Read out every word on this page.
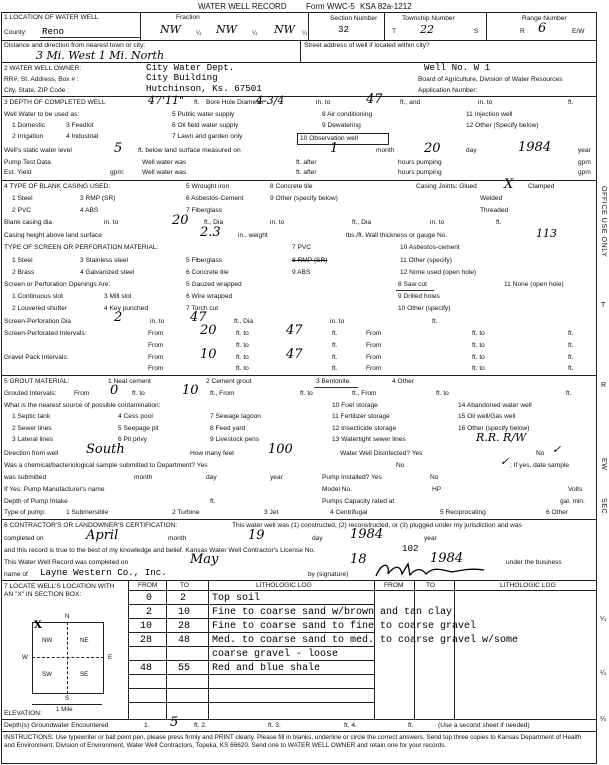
WATER WELL RECORD Form WWC-5 KSA 82a-1212
1 LOCATION OF WATER WELL
County: Reno
Fraction
NW	¼ NW	¼ NW ¼
Section Number
32
Township Number
T 22	S
Range Number
R 6	E/W
Distance and direction from nearest town or city:
3 Mi. West 1 Mi. North
Street address of well if located within city?
2 WATER WELL OWNER:	City Water Dept.
RR#, St. Address, Box # :	City Building
City, State, ZIP Code :	Hutchinson, Ks. 67501
Well No. W 1
Board of Agriculture, Division of Water Resources
Application Number:
3 DEPTH OF COMPLETED WELL	47'11" ft. Bore Hole Diameter
4-3/4	in. to	47	ft., and	in. to	ft.
Well Water to be used as:
1 Domestic	3 Feedlot
5 Public water supply	8 Air conditioning	11 Injection well
2 Irrigation	4 Industrial
6 Oil field water supply	9 Dewatering	12 Other (Specify below)
7 Lawn and garden only	10 Observation well
Well's static water level	5 ft. below land surface measured on	1	month 20	day	1984	year
Pump Test Data	Well water was	ft. after	hours pumping	gpm
Est. Yield	gpm:	Well water was	ft. after	hours pumping	gpm
4 TYPE OF BLANK CASING USED:
1 Steel	3 RMP (SR)
5 Wrought iron	8 Concrete tile
2 PVC	4 ABS
6 Asbestos-Cement	9 Other (specify below)
7 Fiberglass
Casing Joints: Glued X Clamped
Welded
Threaded
Blank casing dia	in. to	20 ft., Dia	in. to	ft., Dia	in. to	ft.
Casing height above land surface	2.3	in., weight	lbs./ft. Wall thickness or gauge No.	113
TYPE OF SCREEN OR PERFORATION MATERIAL:	7 PVC	10 Asbestos-cement
1 Steel	3 Stainless steel	5 Fiberglass	8 RMP (SR)	11 Other (specify)
2 Brass	4 Galvanized steel	6 Concrete tile	9 ABS	12 None used (open hole)
Screen or Perforation Openings Are:	5 Gauzed wrapped	8 Saw cut	11 None (open hole)
1 Continuous slot	3 Mill slot	6 Wire wrapped	9 Drilled holes
2 Louvered shutter	4 Key punched	7 Torch cut	10 Other (specify)
Screen-Perforation Dia	2	in. to 47	ft., Dia	in. to	ft.
Screen-Perforated Intervals:	From	20	ft. to	47	ft.	From	ft. to	ft.
From	ft. to	ft.	From	ft. to	ft.
Gravel Pack Intervals:	From	10	ft. to	47	ft.	From	ft. to	ft.
From	ft. to	ft.	From	ft. to	ft.
5 GROUT MATERIAL:	1 Neat cement	2 Cement grout	3 Bentonite	4 Other
Grouted Intervals:	From 0 ft. to	10 ft., From	ft. to	ft., From	ft. to	ft.
What is the nearest source of possible contamination:
1 Septic tank	4 Cess pool	7 Sewage lagoon
10 Fuel storage	14 Abandoned water well
2 Sewer lines	5 Seepage pit	8 Feed yard
11 Fertilizer storage	15 Oil well/Gas well
3 Lateral lines	6 Pit privy	9 Livestock pens
12 Insecticide storage	16 Other (specify below)
13 Watertight sewer lines	R.R. R/W
Direction from well South	How many feet	100	Water Well Disinfected? Yes	No ✓
Was a chemical/bacteriological sample submitted to Department? Yes	No	✓ ; If yes, date sample
was submitted	month	day	year	Pump Installed? Yes	No
If Yes: Pump Manufacturer's name	Model No.	HP	Volts
Depth of Pump Intake	ft.	Pumps Capacity rated at	gal. min.
Type of pump:	1 Submersible	2 Turbine	3 Jet	4 Centrifugal	5 Reciprocating	6 Other
6 CONTRACTOR'S OR LANDOWNER'S CERTIFICATION:	This water well was (1) constructed, (2) reconstructed, or (3) plugged under my jurisdiction and was
completed on	April	month	19	day 1984	year
and this record is true to the best of my knowledge and belief. Kansas Water Well Contractor's License No.	102
This Water Well Record was completed on	May	18	1984	under the business
name of Layne Western Co., Inc.	by (signature)
7 LOCATE WELL'S LOCATION WITH AN "X" IN SECTION BOX:
FROM	TO	LITHOLOGIC LOG	FROM	TO	LITHOLOGIC LOG
0	2	Top soil
2	10 Fine to coarse sand w/brown and tan clay
10	28 Fine to coarse sand to fine to coarse gravel
28	48 Med. to coarse sand to med. to coarse gravel w/some
coarse gravel - loose
48	55 Red and blue shale
N
S
W	E
NW	NE
SW	SE
X
1 Mile
ELEVATION:
Depth(s) Groundwater Encountered	1. 5 ft. 2.	ft. 3.	ft. 4.	ft.	(Use a second sheet if needed)
INSTRUCTIONS: Use typewriter or ball point pen, please press firmly and PRINT clearly. Please fill in blanks, underline or circle the correct answers. Send top three copies to Kansas Department of Health and Environment, Division of Environment, Water Well Contractors, Topeka, KS 66620. Send one to WATER WELL OWNER and retain one for your records.
OFFICE USE ONLY
T
R
EW
SEC.
¼
¼
¼
